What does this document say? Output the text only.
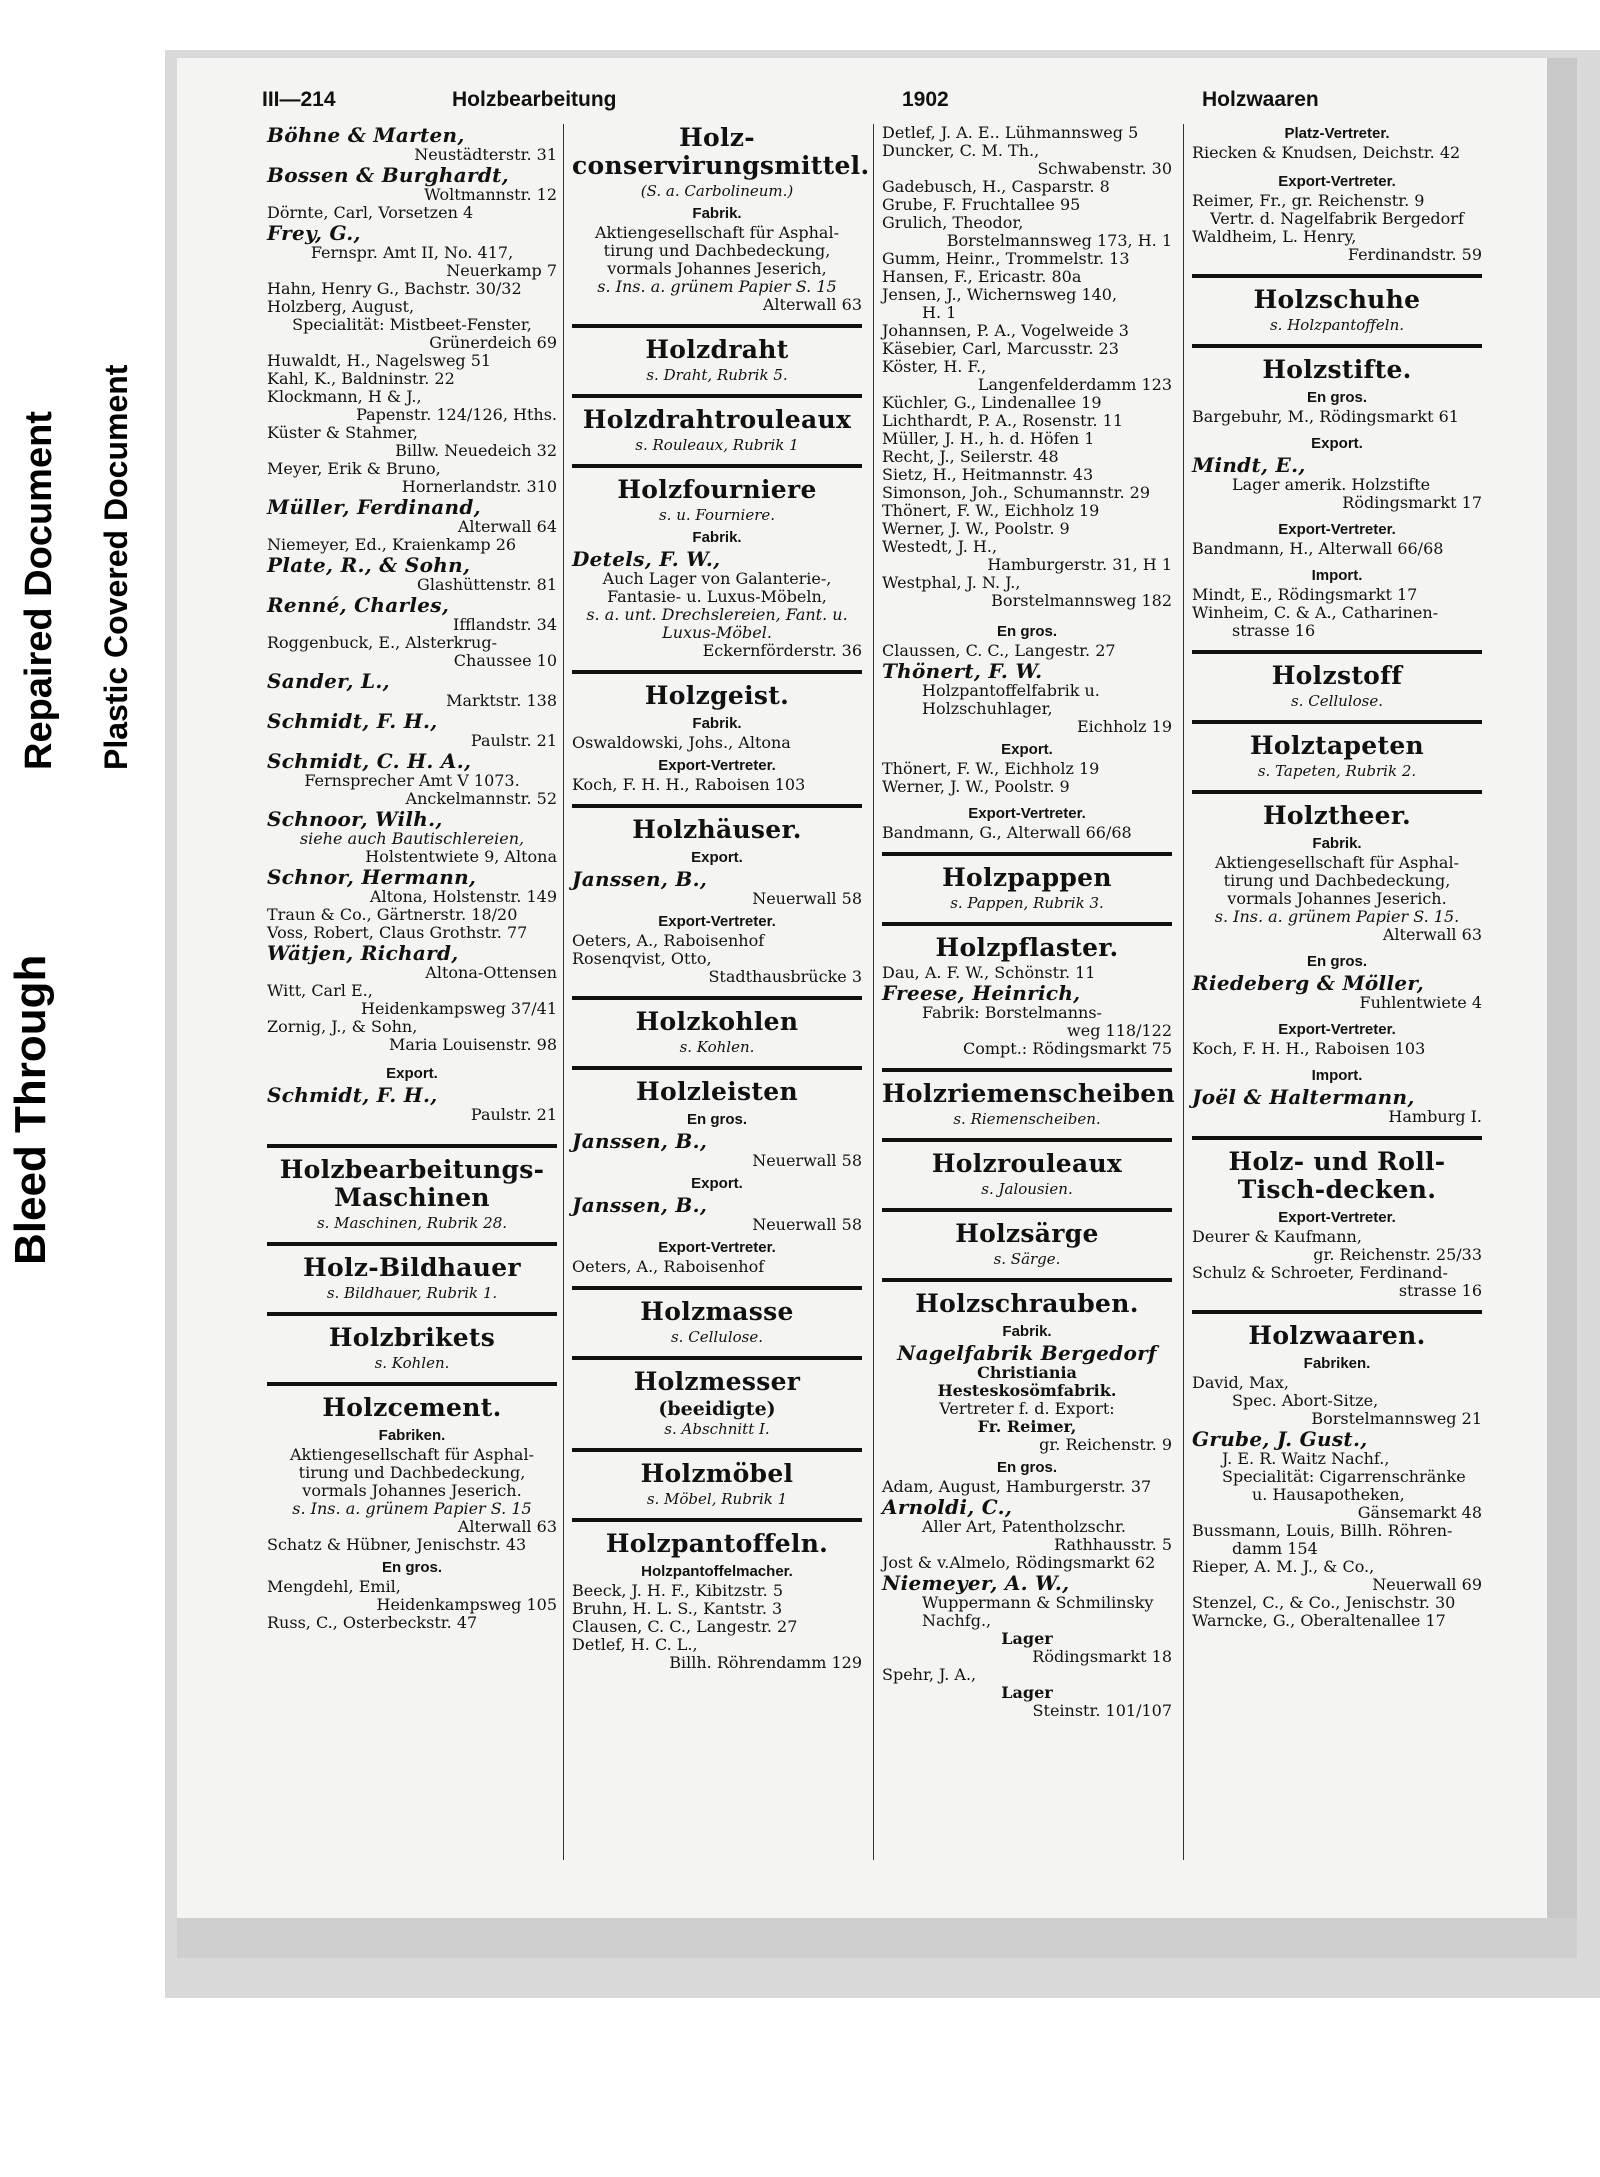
Bleed Through
Repaired Document Plastic Covered Document
III—214	Holzbearbeitung	1902	Holzwaaren
Böhne & Marten,
Neustädterstr. 31
Bossen & Burghardt,
Woltmannstr. 12
Dörnte, Carl, Vorsetzen 4
Frey, G.,
Fernspr. Amt II, No. 417,
Neuerkamp 7
Hahn, Henry G., Bachstr. 30/32
Holzberg, August,
Specialität: Mistbeet-Fenster,
Grünerdeich 69
Huwaldt, H., Nagelsweg 51
Kahl, K., Baldninstr. 22
Klockmann, H & J.,
Papenstr. 124/126, Hths.
Küster & Stahmer,
Billw. Neuedeich 32
Meyer, Erik & Bruno,
Hornerlandstr. 310
Müller, Ferdinand,
Alterwall 64
Niemeyer, Ed., Kraienkamp 26
Plate, R., & Sohn,
Glashüttenstr. 81
Renné, Charles,
Ifflandstr. 34
Roggenbuck, E., Alsterkrug-
Chaussee 10
Sander, L.,
Marktstr. 138
Schmidt, F. H.,
Paulstr. 21
Schmidt, C. H. A.,
Fernsprecher Amt V 1073.
Anckelmannstr. 52
Schnoor, Wilh.,
siehe auch Bautischlereien,
Holstentwiete 9, Altona
Schnor, Hermann,
Altona, Holstenstr. 149
Traun & Co., Gärtnerstr. 18/20
Voss, Robert, Claus Grothstr. 77
Wätjen, Richard,
Altona-Ottensen
Witt, Carl E.,
Heidenkampsweg 37/41
Zornig, J., & Sohn,
Maria Louisenstr. 98
Export.
Schmidt, F. H.,
Paulstr. 21
Holzbearbeitungs-Maschinen
s. Maschinen, Rubrik 28.
Holz-Bildhauer
s. Bildhauer, Rubrik 1.
Holzbrikets
s. Kohlen.
Holzcement.
Fabriken.
Aktiengesellschaft für Asphal-
tirung und Dachbedeckung,
vormals Johannes Jeserich.
s. Ins. a. grünem Papier S. 15
Alterwall 63
Schatz & Hübner, Jenischstr. 43
En gros.
Mengdehl, Emil,
Heidenkampsweg 105
Russ, C., Osterbeckstr. 47
Holz-conservirungsmittel.
(S. a. Carbolineum.)
Fabrik.
Aktiengesellschaft für Asphal-
tirung und Dachbedeckung,
vormals Johannes Jeserich,
s. Ins. a. grünem Papier S. 15
Alterwall 63
Holzdraht
s. Draht, Rubrik 5.
Holzdrahtrouleaux
s. Rouleaux, Rubrik 1
Holzfourniere
s. u. Fourniere.
Fabrik.
Detels, F. W.,
Auch Lager von Galanterie-,
Fantasie- u. Luxus-Möbeln,
s. a. unt. Drechslereien, Fant. u.
Luxus-Möbel.
Eckernförderstr. 36
Holzgeist.
Fabrik.
Oswaldowski, Johs., Altona
Export-Vertreter.
Koch, F. H. H., Raboisen 103
Holzhäuser.
Export.
Janssen, B.,
Neuerwall 58
Export-Vertreter.
Oeters, A., Raboisenhof
Rosenqvist, Otto,
Stadthausbrücke 3
Holzkohlen
s. Kohlen.
Holzleisten
En gros.
Janssen, B.,
Neuerwall 58
Export.
Janssen, B.,
Neuerwall 58
Export-Vertreter.
Oeters, A., Raboisenhof
Holzmasse
s. Cellulose.
Holzmesser
(beeidigte)
s. Abschnitt I.
Holzmöbel
s. Möbel, Rubrik 1
Holzpantoffeln.
Holzpantoffelmacher.
Beeck, J. H. F., Kibitzstr. 5
Bruhn, H. L. S., Kantstr. 3
Clausen, C. C., Langestr. 27
Detlef, H. C. L.,
Billh. Röhrendamm 129
Detlef, J. A. E.. Lühmannsweg 5
Duncker, C. M. Th.,
Schwabenstr. 30
Gadebusch, H., Casparstr. 8
Grube, F. Fruchtallee 95
Grulich, Theodor,
Borstelmannsweg 173, H. 1
Gumm, Heinr., Trommelstr. 13
Hansen, F., Ericastr. 80a
Jensen, J., Wichernsweg 140,
H. 1
Johannsen, P. A., Vogelweide 3
Käsebier, Carl, Marcusstr. 23
Köster, H. F.,
Langenfelderdamm 123
Küchler, G., Lindenallee 19
Lichthardt, P. A., Rosenstr. 11
Müller, J. H., h. d. Höfen 1
Recht, J., Seilerstr. 48
Sietz, H., Heitmannstr. 43
Simonson, Joh., Schumannstr. 29
Thönert, F. W., Eichholz 19
Werner, J. W., Poolstr. 9
Westedt, J. H.,
Hamburgerstr. 31, H 1
Westphal, J. N. J.,
Borstelmannsweg 182
En gros.
Claussen, C. C., Langestr. 27
Thönert, F. W.
Holzpantoffelfabrik u.
Holzschuhlager,
Eichholz 19
Export.
Thönert, F. W., Eichholz 19
Werner, J. W., Poolstr. 9
Export-Vertreter.
Bandmann, G., Alterwall 66/68
Holzpappen
s. Pappen, Rubrik 3.
Holzpflaster.
Dau, A. F. W., Schönstr. 11
Freese, Heinrich,
Fabrik: Borstelmanns-
weg 118/122
Compt.: Rödingsmarkt 75
Holzriemenscheiben
s. Riemenscheiben.
Holzrouleaux
s. Jalousien.
Holzsärge
s. Särge.
Holzschrauben.
Fabrik.
Nagelfabrik Bergedorf
Christiania
Hesteskosömfabrik.
Vertreter f. d. Export:
Fr. Reimer,
gr. Reichenstr. 9
En gros.
Adam, August, Hamburgerstr. 37
Arnoldi, C.,
Aller Art, Patentholzschr.
Rathhausstr. 5
Jost & v.Almelo, Rödingsmarkt 62
Niemeyer, A. W.,
Wuppermann & Schmilinsky
Nachfg.,
Lager
Rödingsmarkt 18
Spehr, J. A.,
Lager
Steinstr. 101/107
Platz-Vertreter.
Riecken & Knudsen, Deichstr. 42
Export-Vertreter.
Reimer, Fr., gr. Reichenstr. 9
Vertr. d. Nagelfabrik Bergedorf
Waldheim, L. Henry,
Ferdinandstr. 59
Holzschuhe
s. Holzpantoffeln.
Holzstifte.
En gros.
Bargebuhr, M., Rödingsmarkt 61
Export.
Mindt, E.,
Lager amerik. Holzstifte
Rödingsmarkt 17
Export-Vertreter.
Bandmann, H., Alterwall 66/68
Import.
Mindt, E., Rödingsmarkt 17
Winheim, C. & A., Catharinen-
strasse 16
Holzstoff
s. Cellulose.
Holztapeten
s. Tapeten, Rubrik 2.
Holztheer.
Fabrik.
Aktiengesellschaft für Asphal-
tirung und Dachbedeckung,
vormals Johannes Jeserich.
s. Ins. a. grünem Papier S. 15.
Alterwall 63
En gros.
Riedeberg & Möller,
Fuhlentwiete 4
Export-Vertreter.
Koch, F. H. H., Raboisen 103
Import.
Joël & Haltermann,
Hamburg I.
Holz- und Roll-Tisch-decken.
Export-Vertreter.
Deurer & Kaufmann,
gr. Reichenstr. 25/33
Schulz & Schroeter, Ferdinand-
strasse 16
Holzwaaren.
Fabriken.
David, Max,
Spec. Abort-Sitze,
Borstelmannsweg 21
Grube, J. Gust.,
J. E. R. Waitz Nachf.,
Specialität: Cigarrenschränke
u. Hausapotheken,
Gänsemarkt 48
Bussmann, Louis, Billh. Röhren-
damm 154
Rieper, A. M. J., & Co.,
Neuerwall 69
Stenzel, C., & Co., Jenischstr. 30
Warncke, G., Oberaltenallee 17
